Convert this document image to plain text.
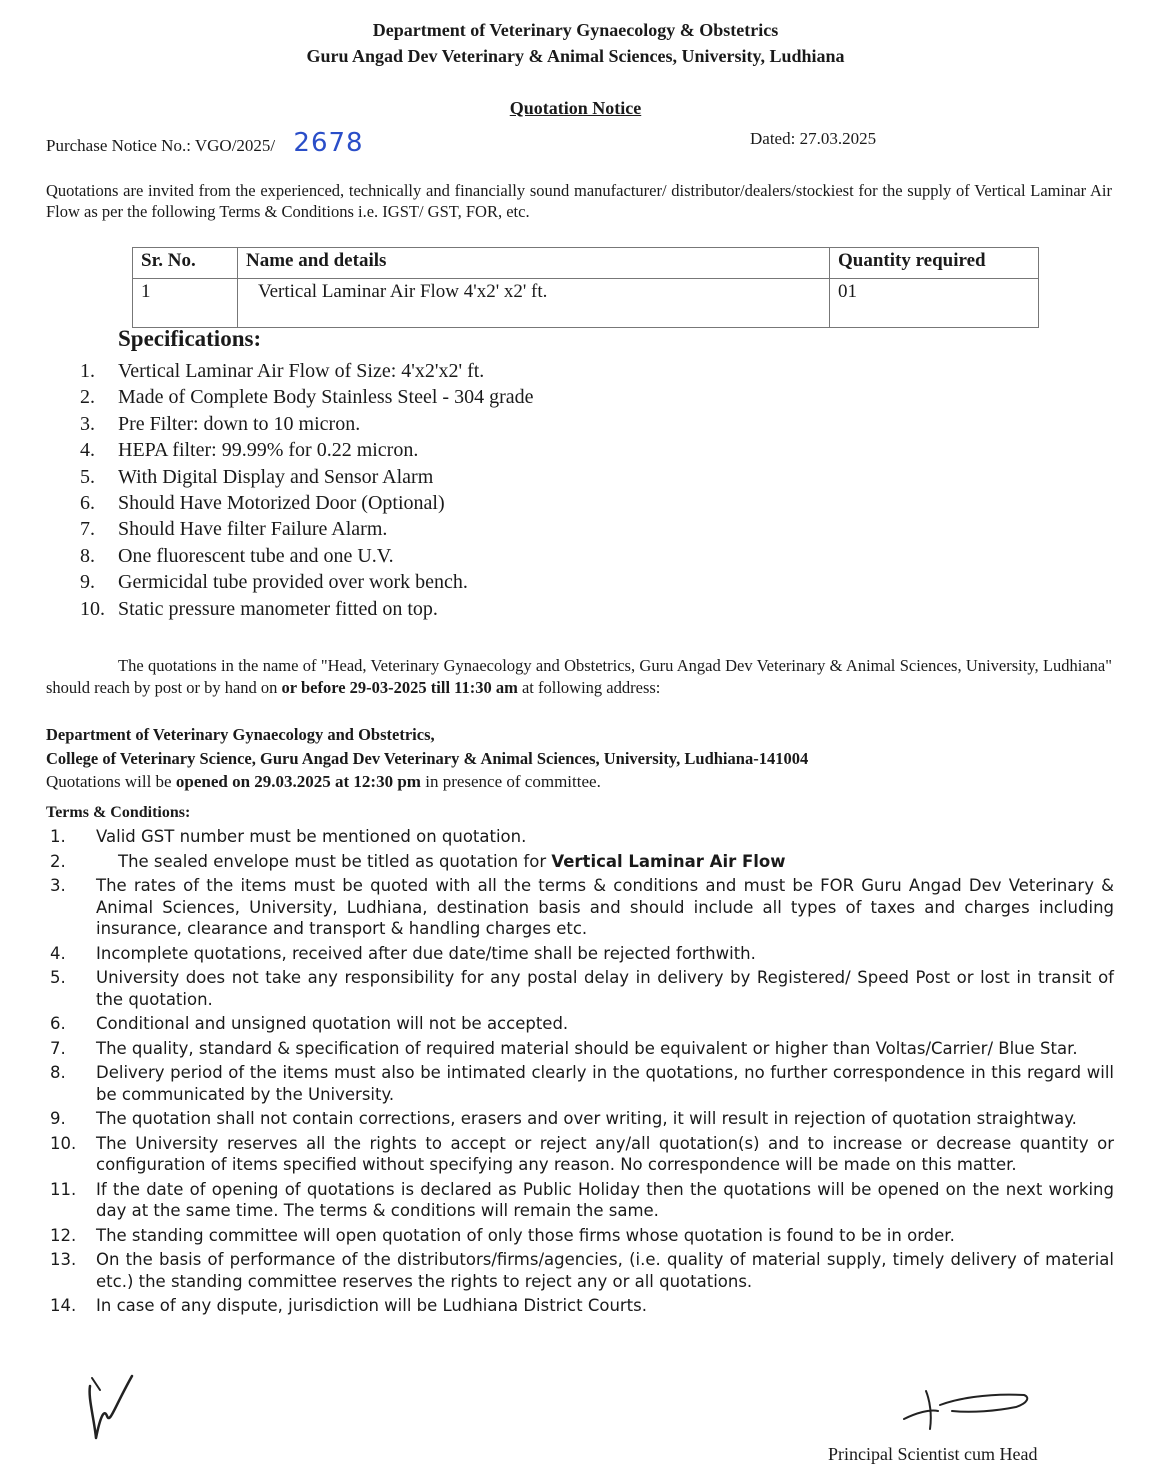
Department of Veterinary Gynaecology & Obstetrics
Guru Angad Dev Veterinary & Animal Sciences, University, Ludhiana
Quotation Notice
Purchase Notice No.: VGO/2025/ 2678	Dated: 27.03.2025
Quotations are invited from the experienced, technically and financially sound manufacturer/ distributor/dealers/stockiest for the supply of Vertical Laminar Air Flow as per the following Terms & Conditions i.e. IGST/ GST, FOR, etc.
Sr. No.	Name and details	Quantity required
1	Vertical Laminar Air Flow 4'x2' x2' ft.	01
Specifications:
1.	Vertical Laminar Air Flow of Size: 4'x2'x2' ft.
2.	Made of Complete Body Stainless Steel - 304 grade
3.	Pre Filter: down to 10 micron.
4.	HEPA filter: 99.99% for 0.22 micron.
5.	With Digital Display and Sensor Alarm
6.	Should Have Motorized Door (Optional)
7.	Should Have filter Failure Alarm.
8.	One fluorescent tube and one U.V.
9.	Germicidal tube provided over work bench.
10. Static pressure manometer fitted on top.
The quotations in the name of "Head, Veterinary Gynaecology and Obstetrics, Guru Angad Dev Veterinary & Animal Sciences, University, Ludhiana" should reach by post or by hand on or before 29-03-2025 till 11:30 am at following address:
Department of Veterinary Gynaecology and Obstetrics,
College of Veterinary Science, Guru Angad Dev Veterinary & Animal Sciences, University, Ludhiana-141004
Quotations will be opened on 29.03.2025 at 12:30 pm in presence of committee.
Terms & Conditions:
1.	Valid GST number must be mentioned on quotation.
2.	The sealed envelope must be titled as quotation for Vertical Laminar Air Flow
3.	The rates of the items must be quoted with all the terms & conditions and must be FOR Guru Angad Dev Veterinary & Animal Sciences, University, Ludhiana, destination basis and should include all types of taxes and charges including insurance, clearance and transport & handling charges etc.
4.	Incomplete quotations, received after due date/time shall be rejected forthwith.
5.	University does not take any responsibility for any postal delay in delivery by Registered/ Speed Post or lost in transit of the quotation.
6.	Conditional and unsigned quotation will not be accepted.
7.	The quality, standard & specification of required material should be equivalent or higher than Voltas/Carrier/ Blue Star.
8.	Delivery period of the items must also be intimated clearly in the quotations, no further correspondence in this regard will be communicated by the University.
9.	The quotation shall not contain corrections, erasers and over writing, it will result in rejection of quotation straightway.
10.	The University reserves all the rights to accept or reject any/all quotation(s) and to increase or decrease quantity or configuration of items specified without specifying any reason. No correspondence will be made on this matter.
11.	If the date of opening of quotations is declared as Public Holiday then the quotations will be opened on the next working day at the same time. The terms & conditions will remain the same.
12.	The standing committee will open quotation of only those firms whose quotation is found to be in order.
13.	On the basis of performance of the distributors/firms/agencies, (i.e. quality of material supply, timely delivery of material etc.) the standing committee reserves the rights to reject any or all quotations.
14.	In case of any dispute, jurisdiction will be Ludhiana District Courts.
Principal Scientist cum Head
